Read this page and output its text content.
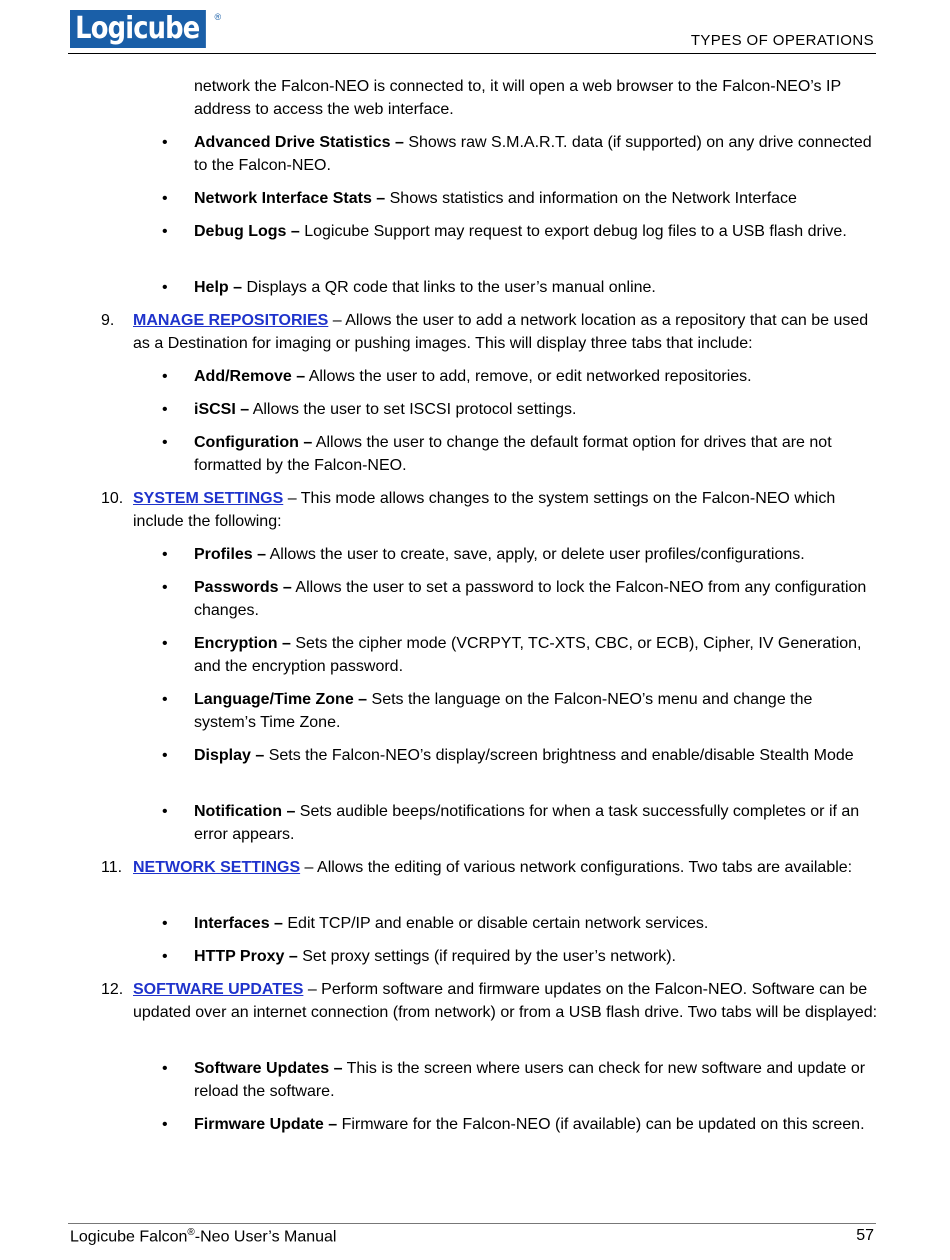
Logicube	®
TYPES OF OPERATIONS
network the Falcon-NEO is connected to, it will open a web browser to the Falcon-NEO’s IP address to access the web interface.
• Advanced Drive Statistics – Shows raw S.M.A.R.T. data (if supported) on any drive connected to the Falcon-NEO.
• Network Interface Stats – Shows statistics and information on the Network Interface
• Debug Logs – Logicube Support may request to export debug log files to a USB flash drive.
• Help – Displays a QR code that links to the user’s manual online.
9.	MANAGE REPOSITORIES – Allows the user to add a network location as a repository that can be used as a Destination for imaging or pushing images. This will display three tabs that include:
• Add/Remove – Allows the user to add, remove, or edit networked repositories.
• iSCSI – Allows the user to set ISCSI protocol settings.
• Configuration – Allows the user to change the default format option for drives that are not formatted by the Falcon-NEO.
10. SYSTEM SETTINGS – This mode allows changes to the system settings on the Falcon-NEO which include the following:
• Profiles – Allows the user to create, save, apply, or delete user profiles/configurations.
• Passwords – Allows the user to set a password to lock the Falcon-NEO from any configuration changes.
• Encryption – Sets the cipher mode (VCRPYT, TC-XTS, CBC, or ECB), Cipher, IV Generation, and the encryption password.
• Language/Time Zone – Sets the language on the Falcon-NEO’s menu and change the system’s Time Zone.
• Display – Sets the Falcon-NEO’s display/screen brightness and enable/disable Stealth Mode
• Notification – Sets audible beeps/notifications for when a task successfully completes or if an error appears.
11. NETWORK SETTINGS – Allows the editing of various network configurations. Two tabs are available:
• Interfaces – Edit TCP/IP and enable or disable certain network services.
• HTTP Proxy – Set proxy settings (if required by the user’s network).
12. SOFTWARE UPDATES – Perform software and firmware updates on the Falcon-NEO. Software can be updated over an internet connection (from network) or from a USB flash drive. Two tabs will be displayed:
• Software Updates – This is the screen where users can check for new software and update or reload the software.
• Firmware Update – Firmware for the Falcon-NEO (if available) can be updated on this screen.
Logicube Falcon®-Neo User’s Manual	57
